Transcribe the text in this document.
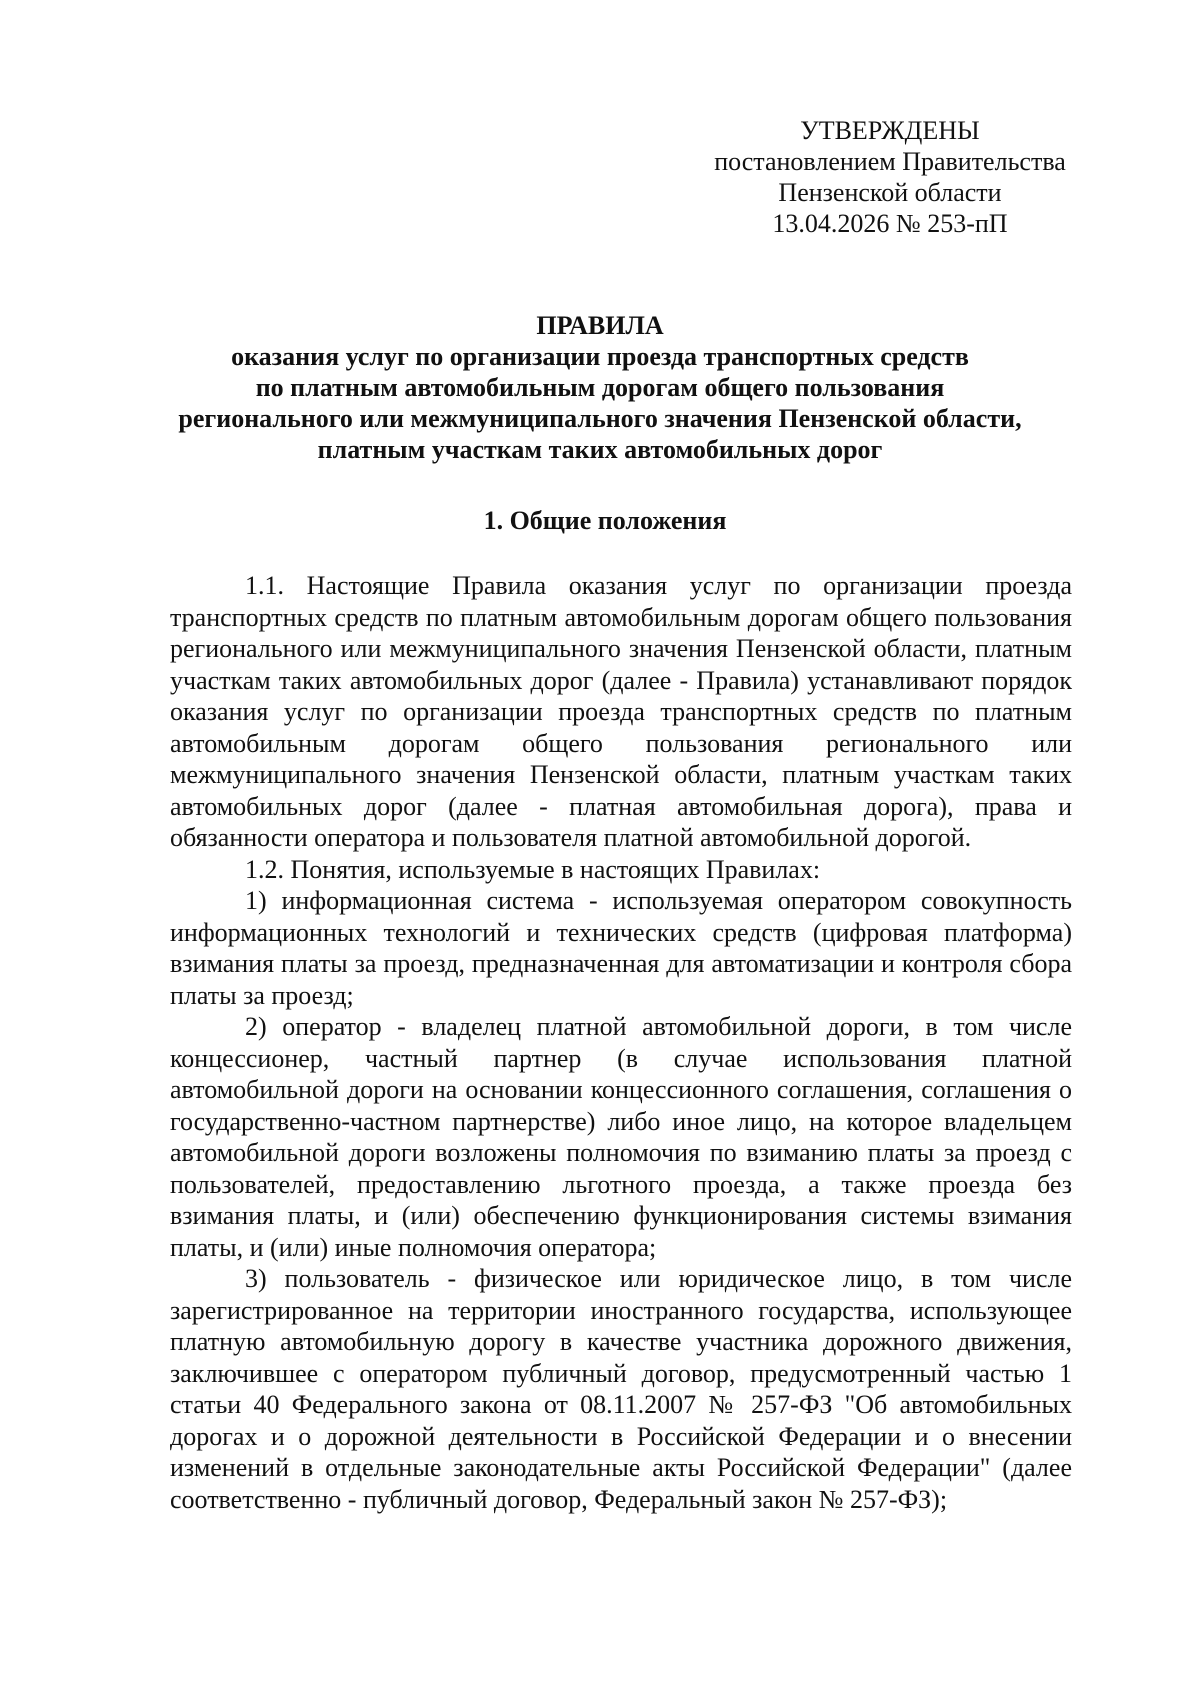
УТВЕРЖДЕНЫ
постановлением Правительства
Пензенской области
13.04.2026 № 253-пП
ПРАВИЛА
оказания услуг по организации проезда транспортных средств
по платным автомобильным дорогам общего пользования
регионального или межмуниципального значения Пензенской области,
платным участкам таких автомобильных дорог
1. Общие положения

1.1. Настоящие Правила оказания услуг по организации проезда транспортных средств по платным автомобильным дорогам общего пользования регионального или межмуниципального значения Пензенской области, платным участкам таких автомобильных дорог (далее - Правила) устанавливают порядок оказания услуг по организации проезда транспортных средств по платным автомобильным дорогам общего пользования регионального или межмуниципального значения Пензенской области, платным участкам таких автомобильных дорог (далее - платная автомобильная дорога), права и обязанности оператора и пользователя платной автомобильной дорогой.

1.2. Понятия, используемые в настоящих Правилах:

1) информационная система - используемая оператором совокупность информационных технологий и технических средств (цифровая платформа) взимания платы за проезд, предназначенная для автоматизации и контроля сбора платы за проезд;

2) оператор - владелец платной автомобильной дороги, в том числе концессионер, частный партнер (в случае использования платной автомобильной дороги на основании концессионного соглашения, соглашения о государственно-частном партнерстве) либо иное лицо, на которое владельцем автомобильной дороги возложены полномочия по взиманию платы за проезд с пользователей, предоставлению льготного проезда, а также проезда без взимания платы, и (или) обеспечению функционирования системы взимания платы, и (или) иные полномочия оператора;

3) пользователь - физическое или юридическое лицо, в том числе зарегистрированное на территории иностранного государства, использующее платную автомобильную дорогу в качестве участника дорожного движения, заключившее с оператором публичный договор, предусмотренный частью 1 статьи 40 Федерального закона от 08.11.2007 № 257-ФЗ "Об автомобильных дорогах и о дорожной деятельности в Российской Федерации и о внесении изменений в отдельные законодательные акты Российской Федерации" (далее соответственно - публичный договор, Федеральный закон № 257-ФЗ);
